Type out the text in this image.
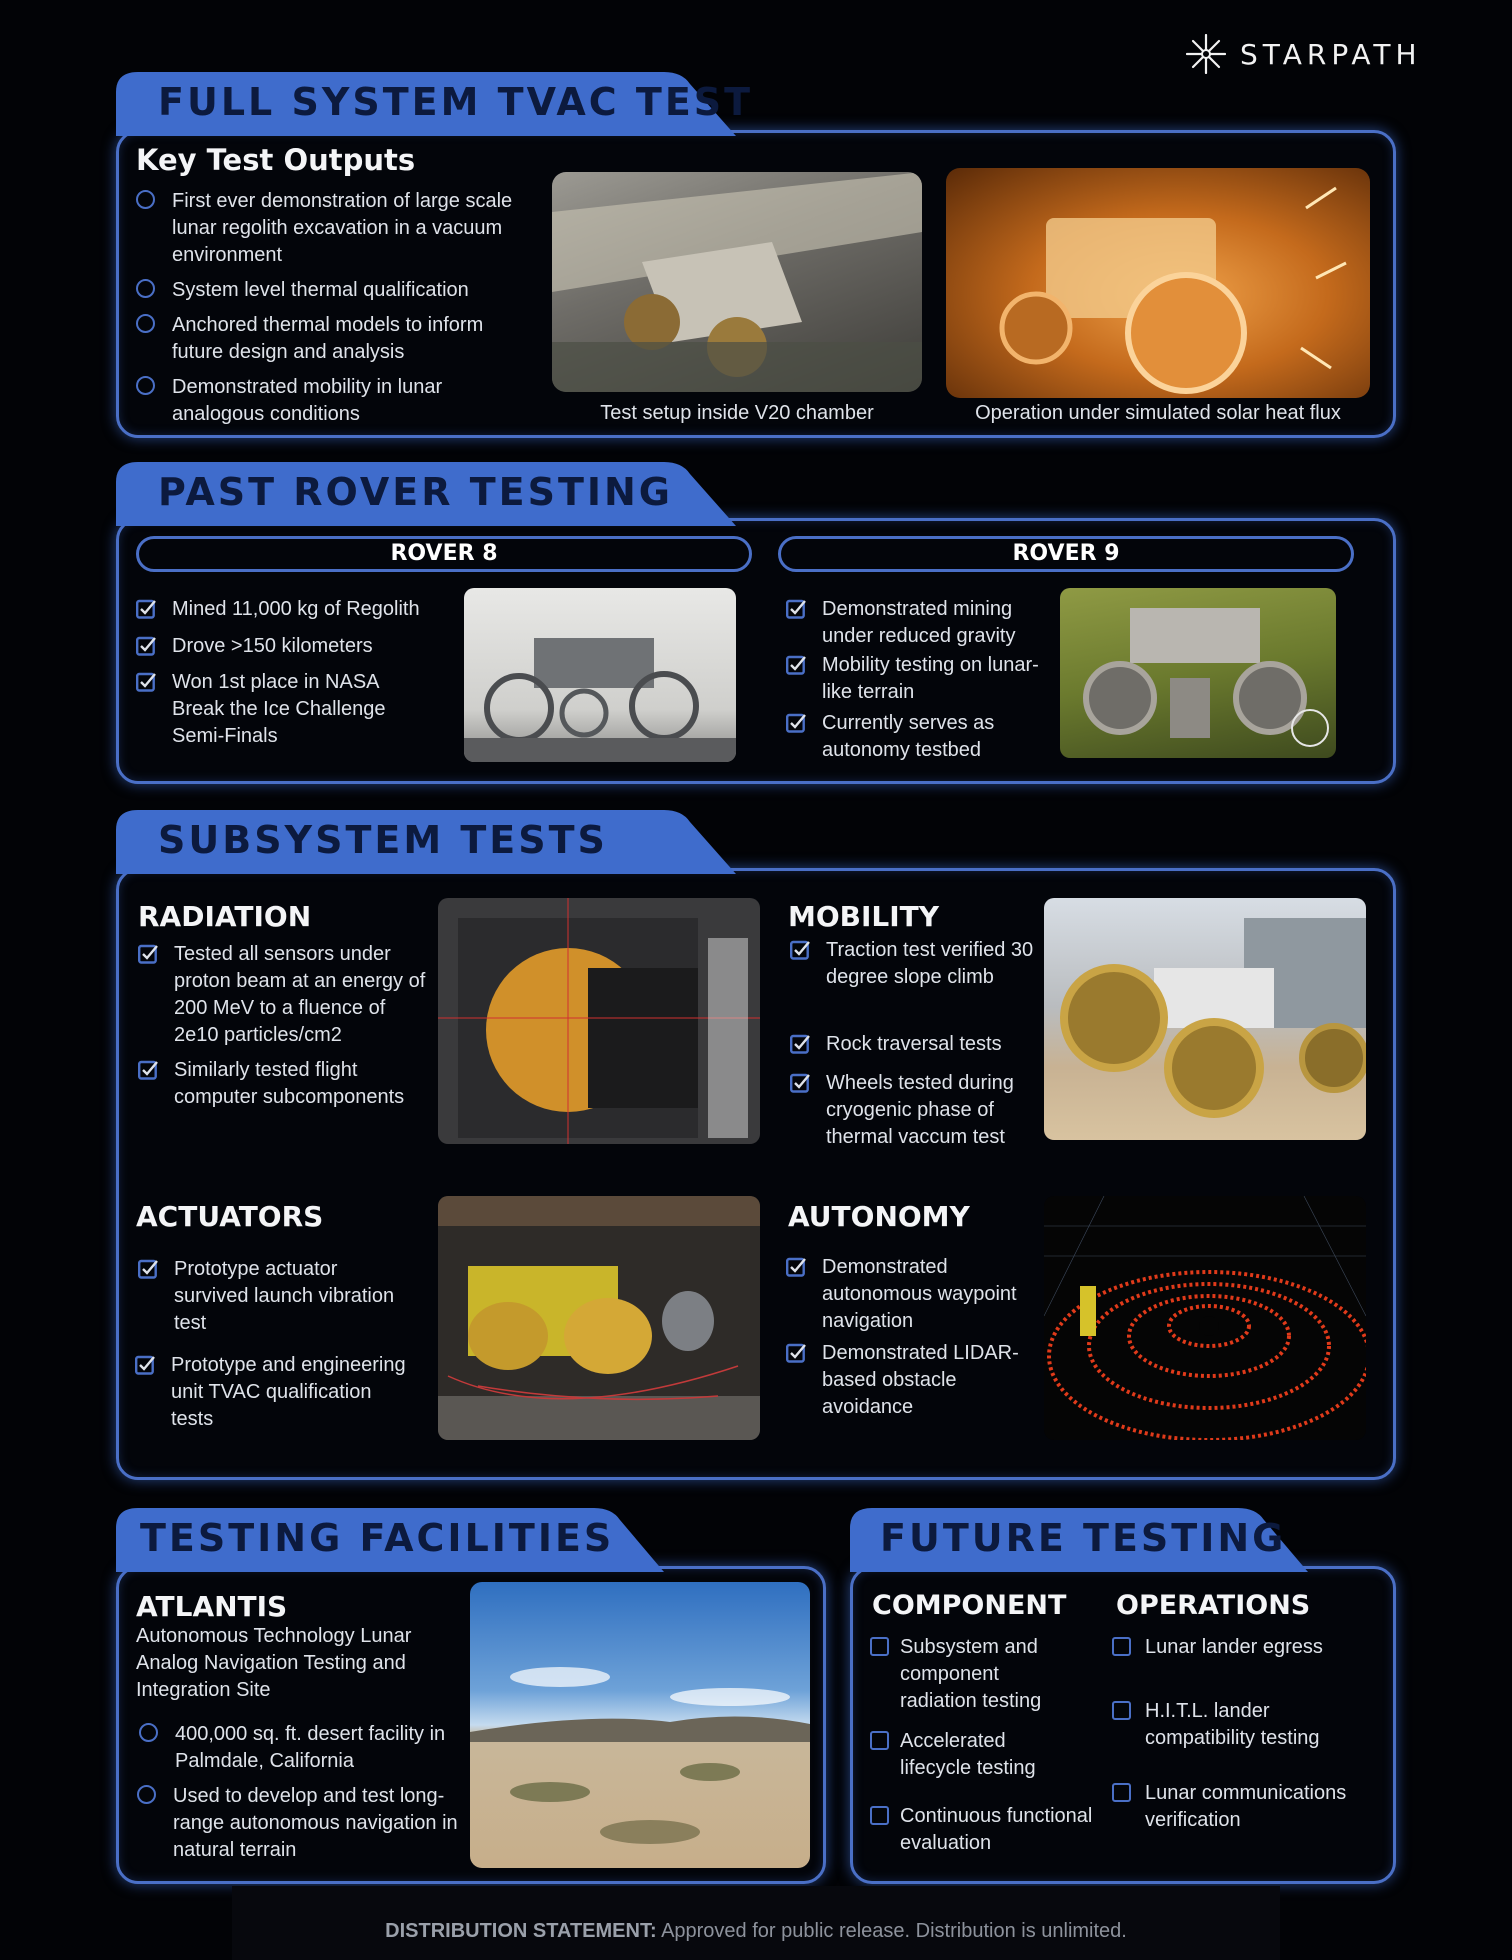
STARPATH
FULL SYSTEM TVAC TEST
Key Test Outputs
First ever demonstration of large scale lunar regolith excavation in a vacuum environment
System level thermal qualification
Anchored thermal models to inform future design and analysis
Demonstrated mobility in lunar analogous conditions	Test setup inside V20 chamber	Operation under simulated solar heat flux
PAST ROVER TESTING
ROVER 8	ROVER 9
Mined 11,000 kg of Regolith
Drove >150 kilometers
Won 1st place in NASA Break the Ice Challenge Semi-Finals
Demonstrated mining under reduced gravity
Mobility testing on lunar-like terrain
Currently serves as autonomy testbed
SUBSYSTEM TESTS
RADIATION
Tested all sensors under proton beam at an energy of 200 MeV to a fluence of 2e10 particles/cm2
Similarly tested flight computer subcomponents
MOBILITY
Traction test verified 30 degree slope climb
Rock traversal tests
Wheels tested during cryogenic phase of thermal vaccum test
ACTUATORS
Prototype actuator survived launch vibration test
Prototype and engineering unit TVAC qualification tests
AUTONOMY
Demonstrated autonomous waypoint navigation
Demonstrated LIDAR-based obstacle avoidance
TESTING FACILITIES
ATLANTIS
Autonomous Technology Lunar Analog Navigation Testing and Integration Site
400,000 sq. ft. desert facility in Palmdale, California
Used to develop and test long-range autonomous navigation in natural terrain
FUTURE TESTING
COMPONENT
Subsystem and component radiation testing
Accelerated lifecycle testing
Continuous functional evaluation
OPERATIONS
Lunar lander egress
H.I.T.L. lander compatibility testing
Lunar communications verification
DISTRIBUTION STATEMENT: Approved for public release. Distribution is unlimited.
